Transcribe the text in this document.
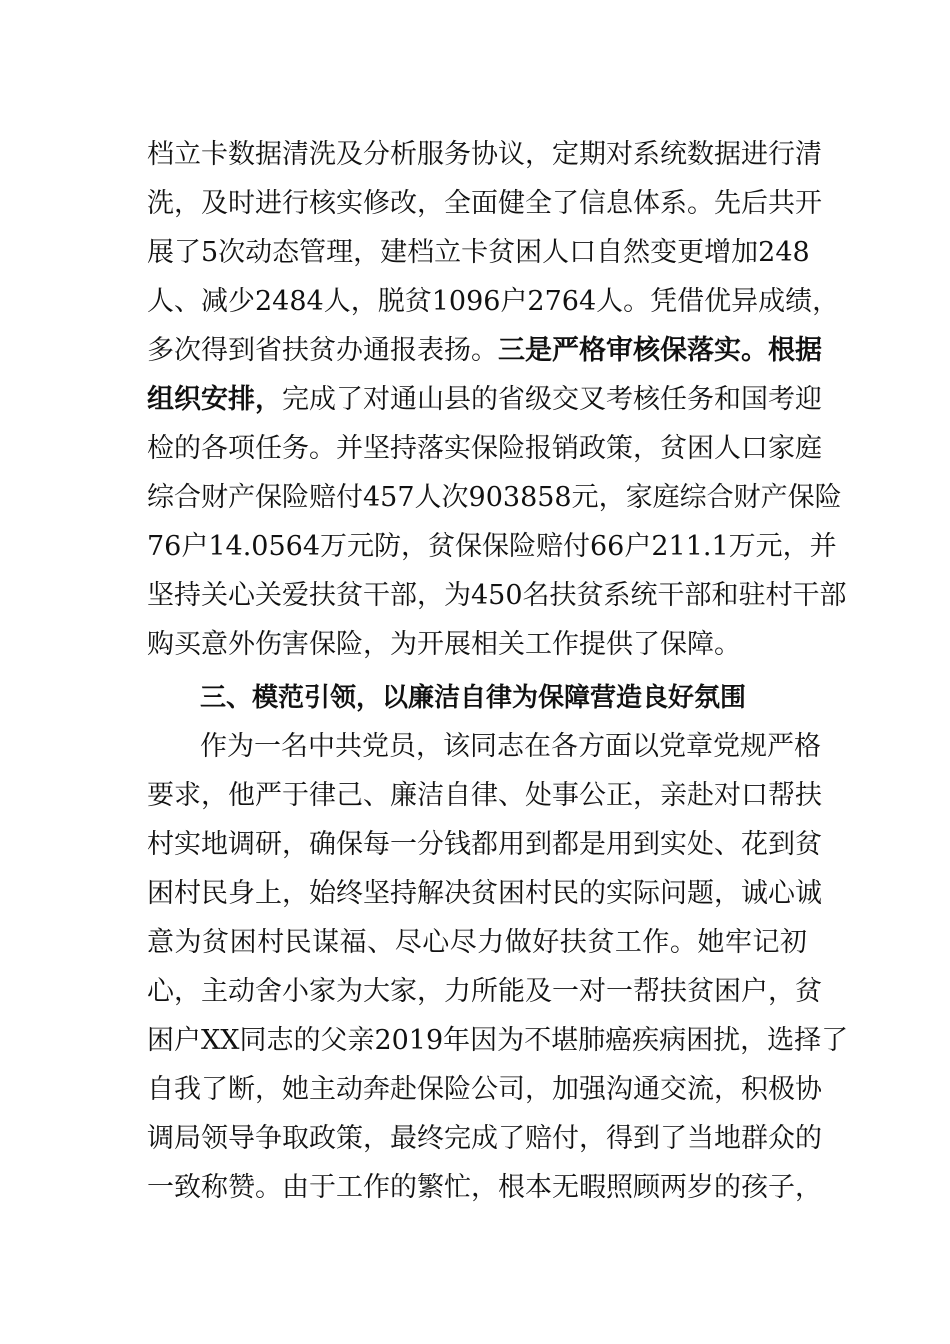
档立卡数据清洗及分析服务协议，定期对系统数据进行清
洗，及时进行核实修改，全面健全了信息体系。先后共开
展了5次动态管理，建档立卡贫困人口自然变更增加248
人、减少2484人，脱贫1096户2764人。凭借优异成绩，
多次得到省扶贫办通报表扬。三是严格审核保落实。根据
组织安排，完成了对通山县的省级交叉考核任务和国考迎
检的各项任务。并坚持落实保险报销政策，贫困人口家庭
综合财产保险赔付457人次903858元，家庭综合财产保险
76户14.0564万元防，贫保保险赔付66户211.1万元，并
坚持关心关爱扶贫干部，为450名扶贫系统干部和驻村干部
购买意外伤害保险，为开展相关工作提供了保障。
三、模范引领，以廉洁自律为保障营造良好氛围
作为一名中共党员，该同志在各方面以党章党规严格
要求，他严于律己、廉洁自律、处事公正，亲赴对口帮扶
村实地调研，确保每一分钱都用到都是用到实处、花到贫
困村民身上，始终坚持解决贫困村民的实际问题，诚心诚
意为贫困村民谋福、尽心尽力做好扶贫工作。她牢记初
心，主动舍小家为大家，力所能及一对一帮扶贫困户，贫
困户XX同志的父亲2019年因为不堪肺癌疾病困扰，选择了
自我了断，她主动奔赴保险公司，加强沟通交流，积极协
调局领导争取政策，最终完成了赔付，得到了当地群众的
一致称赞。由于工作的繁忙，根本无暇照顾两岁的孩子，
